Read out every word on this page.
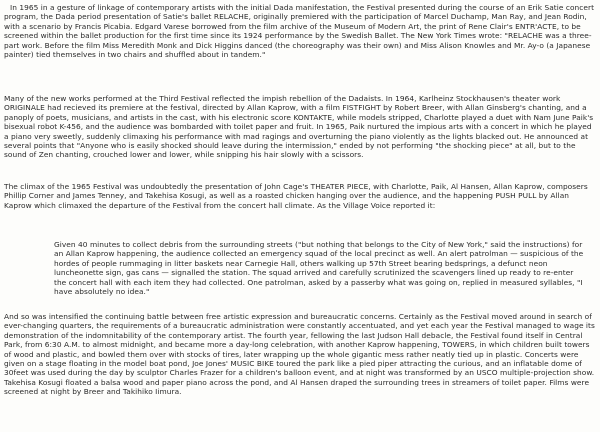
In 1965 in a gesture of linkage of contemporary artists with the initial Dada manifestation, the Festival presented during the course of an Erik Satie concert program, the Dada period presentation of Satie's ballet RELACHE, originally premiered with the participation of Marcel Duchamp, Man Ray, and Jean Rodin, with a scenario by Francis Picabia. Edgard Varese borrowed from the film archive of the Museum of Modern Art, the print of Rene Clair's ENTR'ACTE, to be screened within the ballet production for the first time since its 1924 performance by the Swedish Ballet. The New York Times wrote: "RELACHE was a three-part work. Before the film Miss Meredith Monk and Dick Higgins danced (the choreography was their own) and Miss Alison Knowles and Mr. Ay-o (a Japanese painter) tied themselves in two chairs and shuffled about in tandem."

Many of the new works performed at the Third Festival reflected the impish rebellion of the Dadaists. In 1964, Karlheinz Stockhausen's theater work ORIGINALE had recieved its premiere at the festival, directed by Allan Kaprow, with a film FISTFIGHT by Robert Breer, with Allan Ginsberg's chanting, and a panoply of poets, musicians, and artists in the cast, with his electronic score KONTAKTE, while models stripped, Charlotte played a duet with Nam June Paik's bisexual robot K-456, and the audience was bombarded with toilet paper and fruit. In 1965, Paik nurtured the impious arts with a concert in which he played a piano very sweetly, suddenly climaxing his performance with mad ragings and overturning the piano violently as the lights blacked out. He announced at several points that "Anyone who is easily shocked should leave during the intermission," ended by not performing "the shocking piece" at all, but to the sound of Zen chanting, crouched lower and lower, while snipping his hair slowly with a scissors.

The climax of the 1965 Festival was undoubtedly the presentation of John Cage's THEATER PIECE, with Charlotte, Paik, Al Hansen, Allan Kaprow, composers Phillip Corner and James Tenney, and Takehisa Kosugi, as well as a roasted chicken hanging over the audience, and the happening PUSH PULL by Allan Kaprow which climaxed the departure of the Festival from the concert hall climate. As the Village Voice reported it:

Given 40 minutes to collect debris from the surrounding streets ("but nothing that belongs to the City of New York," said the instructions) for an Allan Kaprow happening, the audience collected an emergency squad of the local precinct as well. An alert patrolman — suspicious of the hordes of people rummaging in litter baskets near Carnegie Hall, others walking up 57th Street bearing bedsprings, a defunct neon luncheonette sign, gas cans — signalled the station. The squad arrived and carefully scrutinized the scavengers lined up ready to re-enter the concert hall with each item they had collected. One patrolman, asked by a passerby what was going on, replied in measured syllables, "I have absolutely no idea."

And so was intensified the continuing battle between free artistic expression and bureaucratic concerns. Certainly as the Festival moved around in search of ever-changing quarters, the requirements of a bureaucratic administration were constantly accentuated, and yet each year the Festival managed to wage its demonstration of the indomnitability of the contemporary artist. The fourth year, fellowing the last Judson Hall debacle, the Festival found itself in Central Park, from 6:30 A.M. to almost midnight, and became more a day-long celebration, with another Kaprow happening, TOWERS, in which children built towers of wood and plastic, and bowled them over with stocks of tires, later wrapping up the whole gigantic mess rather neatly tied up in plastic. Concerts were given on a stage floating in the model boat pond, Joe Jones' MUSIC BIKE toured the park like a pied piper attracting the curious, and an inflatable dome of 30feet was used during the day by sculptor Charles Frazer for a children's balloon event, and at night was transformed by an USCO multiple-projection show. Takehisa Kosugi floated a balsa wood and paper piano across the pond, and Al Hansen draped the surrounding trees in streamers of toilet paper. Films were screened at night by Breer and Takihiko Iimura.
